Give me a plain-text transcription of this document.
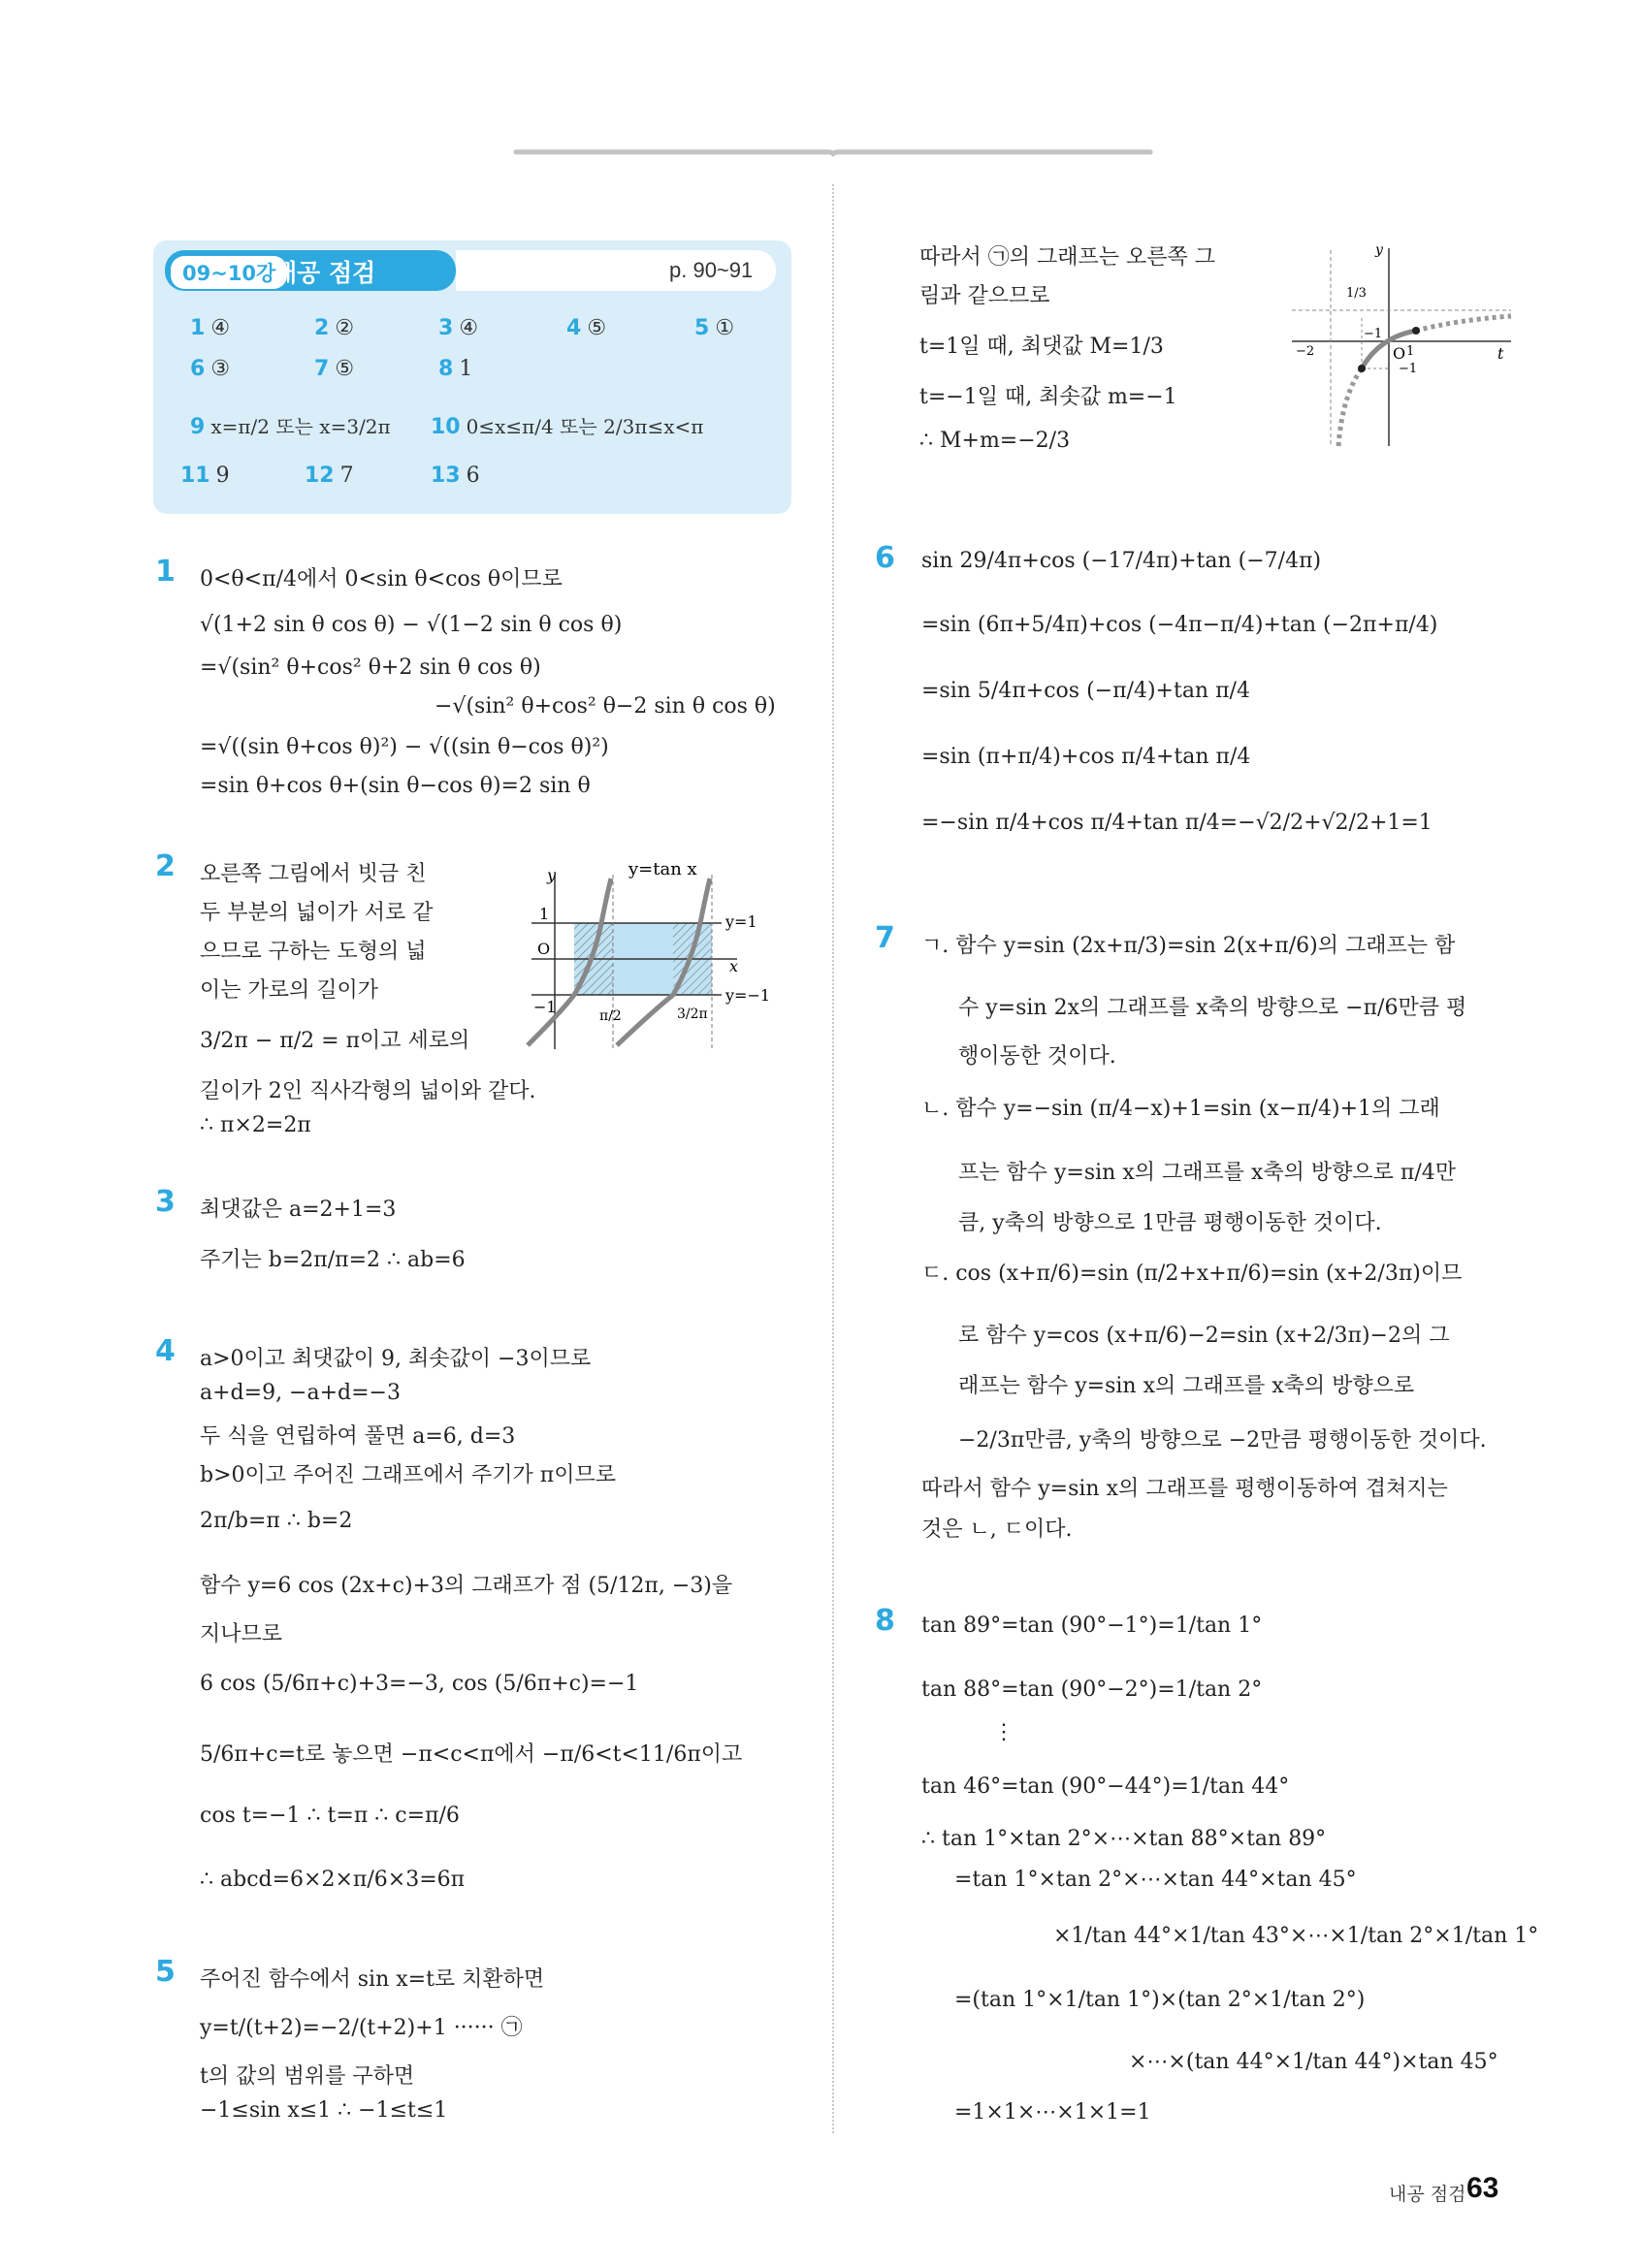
09~10강
내공 점검	p. 90~91
1 ④	2 ②	3 ④	4 ⑤	5 ①
6 ③	7 ⑤	8 1
9 x=π/2 또는 x=3/2π 10 0≤x≤π/4 또는 2/3π≤x<π
11 9	12 7	13 6
1 0<θ<π/4에서 0<sin θ<cos θ이므로
√(1+2 sin θ cos θ) − √(1−2 sin θ cos θ)
=√(sin² θ+cos² θ+2 sin θ cos θ)
−√(sin² θ+cos² θ−2 sin θ cos θ)
=√((sin θ+cos θ)²) − √((sin θ−cos θ)²)
=sin θ+cos θ+(sin θ−cos θ)=2 sin θ
2 오른쪽 그림에서 빗금 친
두 부분의 넓이가 서로 같
으므로 구하는 도형의 넓
이는 가로의 길이가
3/2π − π/2 = π이고 세로의
길이가 2인 직사각형의 넓이와 같다.
∴ π×2=2π
y	y=tan x
y=1
y=−1
x
O
1
−1	π/2	3/2π
3 최댓값은 a=2+1=3
주기는 b=2π/π=2 ∴ ab=6
4 a>0이고 최댓값이 9, 최솟값이 −3이므로
a+d=9, −a+d=−3
두 식을 연립하여 풀면 a=6, d=3
b>0이고 주어진 그래프에서 주기가 π이므로
2π/b=π ∴ b=2
함수 y=6 cos (2x+c)+3의 그래프가 점 (5/12π, −3)을
지나므로
6 cos (5/6π+c)+3=−3, cos (5/6π+c)=−1
5/6π+c=t로 놓으면 −π<c<π에서 −π/6<t<11/6π이고
cos t=−1 ∴ t=π ∴ c=π/6
∴ abcd=6×2×π/6×3=6π
5 주어진 함수에서 sin x=t로 치환하면
y=t/(t+2)=−2/(t+2)+1 ······ ㉠
t의 값의 범위를 구하면
−1≤sin x≤1 ∴ −1≤t≤1
따라서 ㉠의 그래프는 오른쪽 그
림과 같으므로
t=1일 때, 최댓값 M=1/3
t=−1일 때, 최솟값 m=−1
∴ M+m=−2/3
y
t
O 1
−1
−1
−2
1/3
6 sin 29/4π+cos (−17/4π)+tan (−7/4π)
=sin (6π+5/4π)+cos (−4π−π/4)+tan (−2π+π/4)
=sin 5/4π+cos (−π/4)+tan π/4
=sin (π+π/4)+cos π/4+tan π/4
=−sin π/4+cos π/4+tan π/4=−√2/2+√2/2+1=1
7 ㄱ. 함수 y=sin (2x+π/3)=sin 2(x+π/6)의 그래프는 함
수 y=sin 2x의 그래프를 x축의 방향으로 −π/6만큼 평
행이동한 것이다.
ㄴ. 함수 y=−sin (π/4−x)+1=sin (x−π/4)+1의 그래
프는 함수 y=sin x의 그래프를 x축의 방향으로 π/4만
큼, y축의 방향으로 1만큼 평행이동한 것이다.
ㄷ. cos (x+π/6)=sin (π/2+x+π/6)=sin (x+2/3π)이므
로 함수 y=cos (x+π/6)−2=sin (x+2/3π)−2의 그
래프는 함수 y=sin x의 그래프를 x축의 방향으로
−2/3π만큼, y축의 방향으로 −2만큼 평행이동한 것이다.
따라서 함수 y=sin x의 그래프를 평행이동하여 겹쳐지는
것은 ㄴ, ㄷ이다.
8 tan 89°=tan (90°−1°)=1/tan 1°
tan 88°=tan (90°−2°)=1/tan 2°
⋮
tan 46°=tan (90°−44°)=1/tan 44°
∴ tan 1°×tan 2°×⋯×tan 88°×tan 89°
=tan 1°×tan 2°×⋯×tan 44°×tan 45°
×1/tan 44°×1/tan 43°×⋯×1/tan 2°×1/tan 1°
=(tan 1°×1/tan 1°)×(tan 2°×1/tan 2°)
×⋯×(tan 44°×1/tan 44°)×tan 45°
=1×1×⋯×1×1=1
내공 점검 63
